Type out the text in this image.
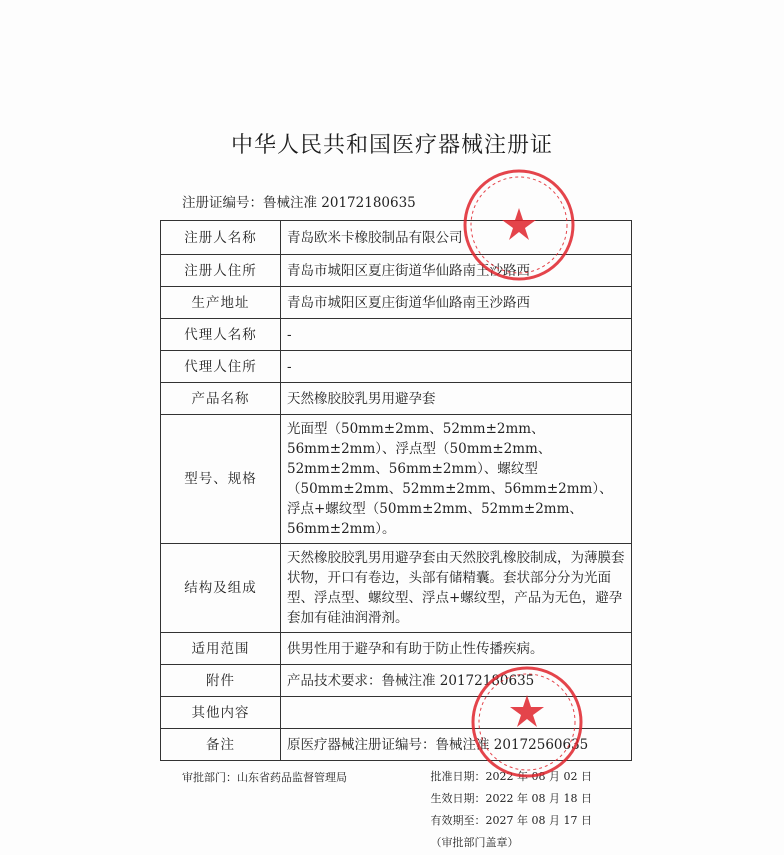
中华人民共和国医疗器械注册证
注册证编号：鲁械注准 20172180635
注册人名称	青岛欧米卡橡胶制品有限公司
注册人住所	青岛市城阳区夏庄街道华仙路南王沙路西
生产地址	青岛市城阳区夏庄街道华仙路南王沙路西
代理人名称	-
代理人住所	-
产品名称	天然橡胶胶乳男用避孕套
型号、规格	光面型（50mm±2mm、52mm±2mm、56mm±2mm）、浮点型（50mm±2mm、52mm±2mm、56mm±2mm）、螺纹型（50mm±2mm、52mm±2mm、56mm±2mm）、浮点+螺纹型（50mm±2mm、52mm±2mm、56mm±2mm）。
结构及组成	天然橡胶胶乳男用避孕套由天然胶乳橡胶制成，为薄膜套状物，开口有卷边，头部有储精囊。套状部分分为光面型、浮点型、螺纹型、浮点+螺纹型，产品为无色，避孕套加有硅油润滑剂。
适用范围	供男性用于避孕和有助于防止性传播疾病。
附件	产品技术要求：鲁械注准 20172180635
其他内容	
备注	原医疗器械注册证编号：鲁械注准 20172560635
审批部门：山东省药品监督管理局	批准日期：2022 年 08 月 02 日
生效日期：2022 年 08 月 18 日
有效期至：2027 年 08 月 17 日
（审批部门盖章）
